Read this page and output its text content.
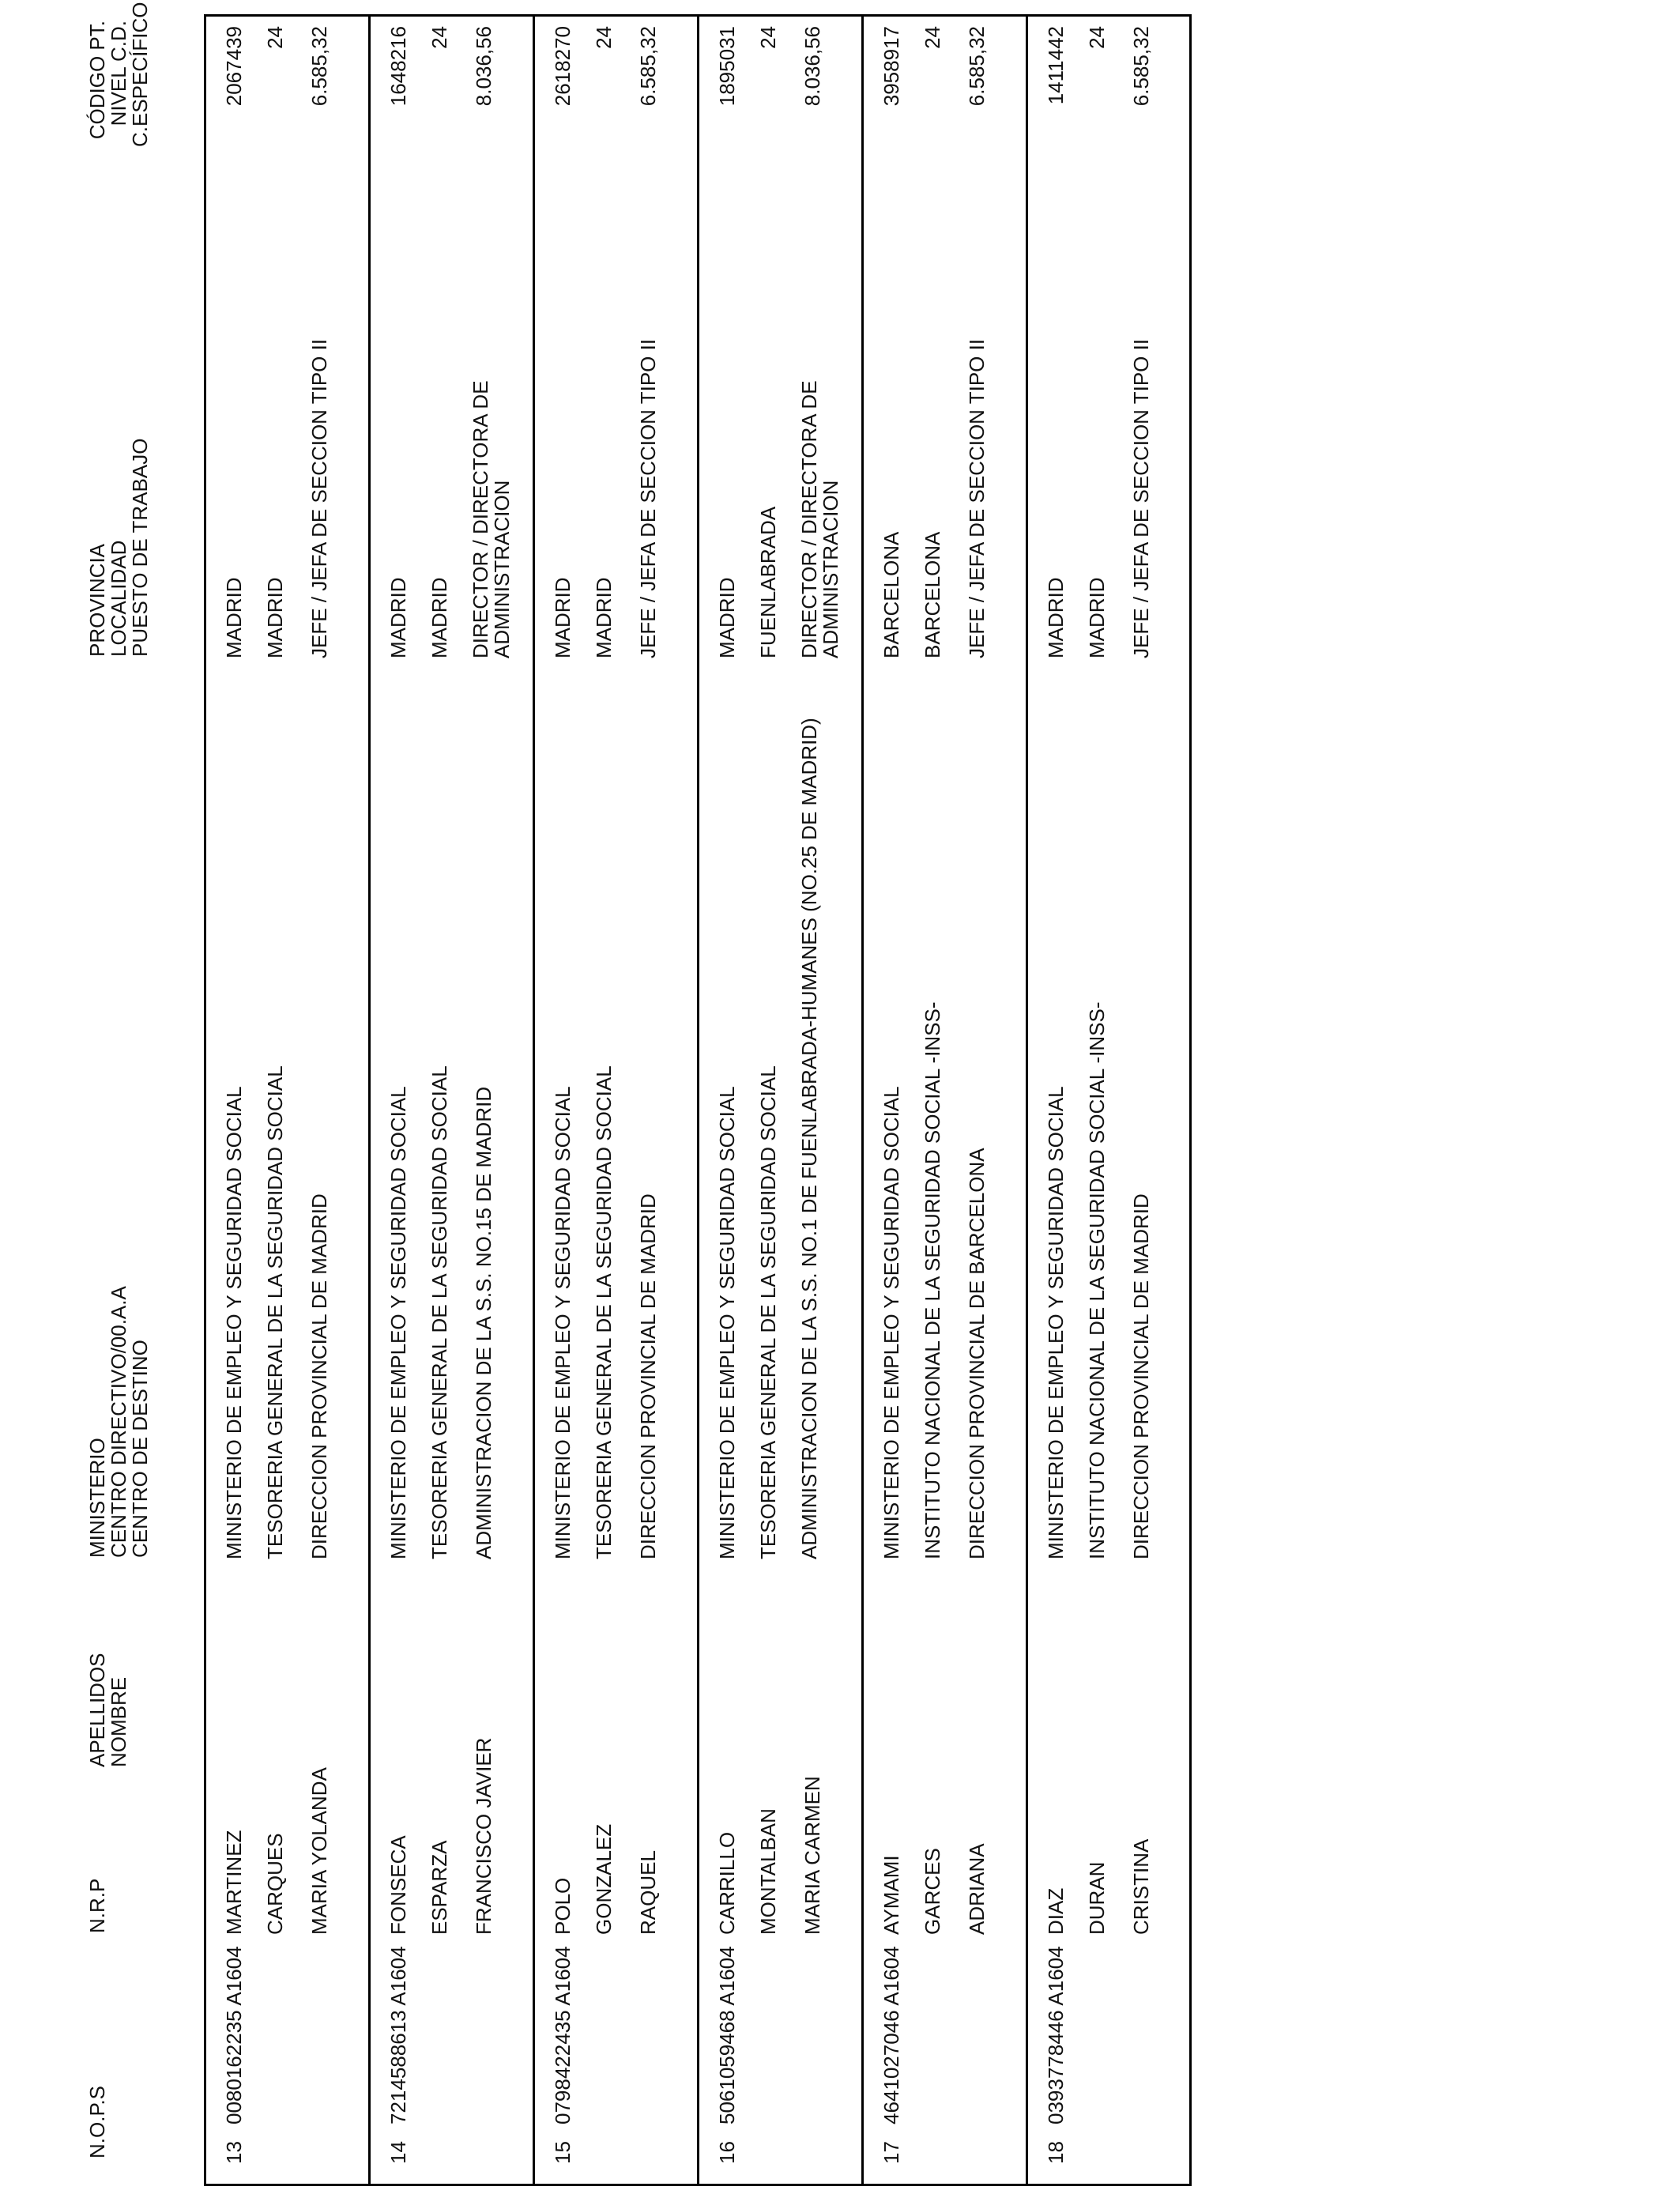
N.O.P.S
N.R.P
APELLIDOS
NOMBRE
MINISTERIO
CENTRO DIRECTIVO/00.A.A
CENTRO DE DESTINO
PROVINCIA
LOCALIDAD
PUESTO DE TRABAJO
CÓDIGO PT.
NIVEL C.D.
C.ESPECÍFICO
13
0080162235 A1604
MARTINEZ CARQUES MARIA YOLANDA
MINISTERIO DE EMPLEO Y SEGURIDAD SOCIAL TESORERIA GENERAL DE LA SEGURIDAD SOCIAL DIRECCION PROVINCIAL DE MADRID
MADRID MADRID JEFE / JEFA DE SECCION TIPO II
2067439 24 6.585,32
14
7214588613 A1604
FONSECA ESPARZA FRANCISCO JAVIER
MINISTERIO DE EMPLEO Y SEGURIDAD SOCIAL TESORERIA GENERAL DE LA SEGURIDAD SOCIAL ADMINISTRACION DE LA S.S. NO.15 DE MADRID
MADRID MADRID DIRECTOR / DIRECTORA DE ADMINISTRACION
1648216 24 8.036,56
15
0798422435 A1604
POLO GONZALEZ RAQUEL
MINISTERIO DE EMPLEO Y SEGURIDAD SOCIAL TESORERIA GENERAL DE LA SEGURIDAD SOCIAL DIRECCION PROVINCIAL DE MADRID
MADRID MADRID JEFE / JEFA DE SECCION TIPO II
2618270 24 6.585,32
16
5061059468 A1604
CARRILLO MONTALBAN MARIA CARMEN
MINISTERIO DE EMPLEO Y SEGURIDAD SOCIAL TESORERIA GENERAL DE LA SEGURIDAD SOCIAL ADMINISTRACION DE LA S.S. NO.1 DE FUENLABRADA-HUMANES (NO.25 DE MADRID)
MADRID FUENLABRADA DIRECTOR / DIRECTORA DE ADMINISTRACION
1895031 24 8.036,56
17
4641027046 A1604
AYMAMI GARCES ADRIANA
MINISTERIO DE EMPLEO Y SEGURIDAD SOCIAL INSTITUTO NACIONAL DE LA SEGURIDAD SOCIAL -INSS- DIRECCION PROVINCIAL DE BARCELONA
BARCELONA BARCELONA JEFE / JEFA DE SECCION TIPO II
3958917 24 6.585,32
18
0393778446 A1604
DIAZ DURAN CRISTINA
MINISTERIO DE EMPLEO Y SEGURIDAD SOCIAL INSTITUTO NACIONAL DE LA SEGURIDAD SOCIAL -INSS- DIRECCION PROVINCIAL DE MADRID
MADRID MADRID JEFE / JEFA DE SECCION TIPO II
1411442 24 6.585,32
